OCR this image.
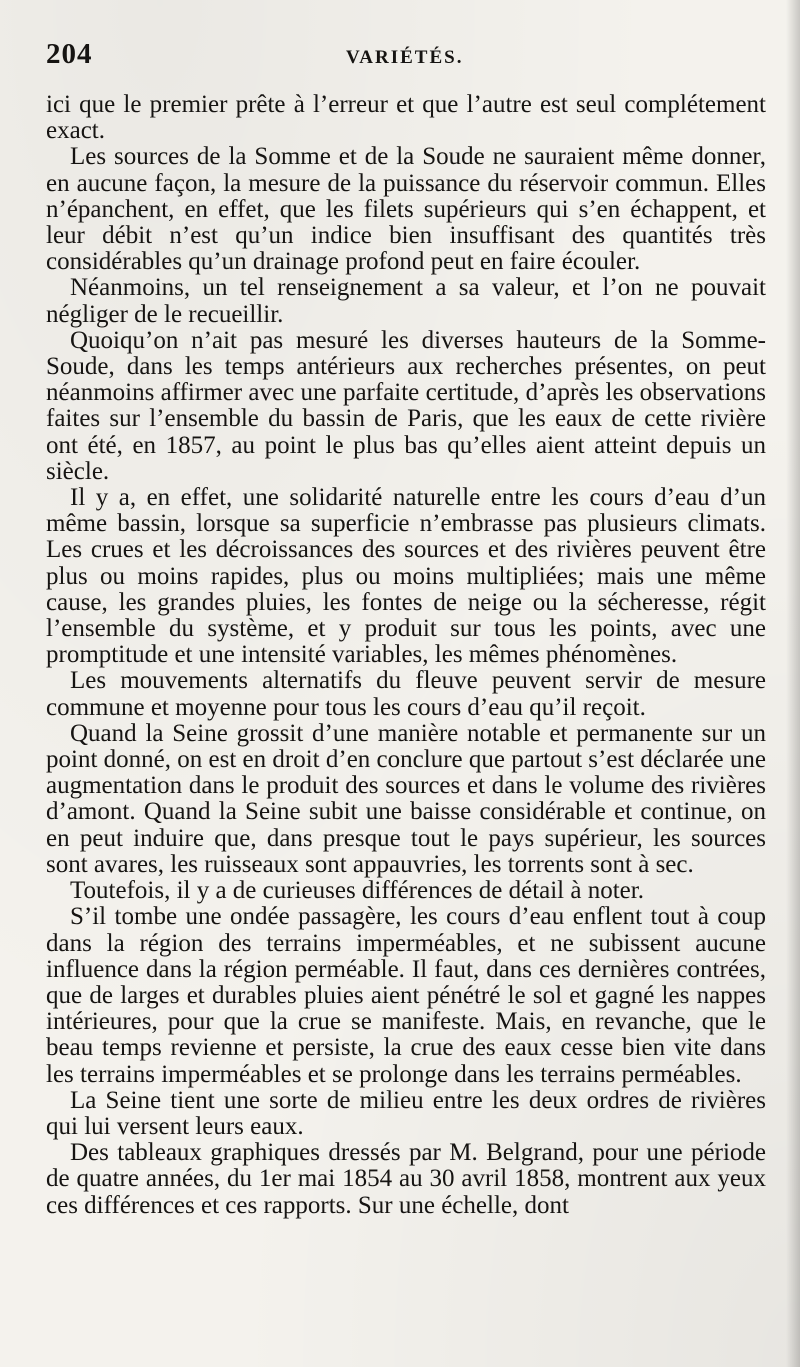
204	VARIÉTÉS.

ici que le premier prête à l’erreur et que l’autre est seul complétement exact.

Les sources de la Somme et de la Soude ne sauraient même donner, en aucune façon, la mesure de la puissance du réservoir commun. Elles n’épanchent, en effet, que les filets supérieurs qui s’en échappent, et leur débit n’est qu’un indice bien insuffisant des quantités très considérables qu’un drainage profond peut en faire écouler.

Néanmoins, un tel renseignement a sa valeur, et l’on ne pouvait négliger de le recueillir.

Quoiqu’on n’ait pas mesuré les diverses hauteurs de la Somme-Soude, dans les temps antérieurs aux recherches présentes, on peut néanmoins affirmer avec une parfaite certitude, d’après les observations faites sur l’ensemble du bassin de Paris, que les eaux de cette rivière ont été, en 1857, au point le plus bas qu’elles aient atteint depuis un siècle.

Il y a, en effet, une solidarité naturelle entre les cours d’eau d’un même bassin, lorsque sa superficie n’embrasse pas plusieurs climats. Les crues et les décroissances des sources et des rivières peuvent être plus ou moins rapides, plus ou moins multipliées; mais une même cause, les grandes pluies, les fontes de neige ou la sécheresse, régit l’ensemble du système, et y produit sur tous les points, avec une promptitude et une intensité variables, les mêmes phénomènes.

Les mouvements alternatifs du fleuve peuvent servir de mesure commune et moyenne pour tous les cours d’eau qu’il reçoit.

Quand la Seine grossit d’une manière notable et permanente sur un point donné, on est en droit d’en conclure que partout s’est déclarée une augmentation dans le produit des sources et dans le volume des rivières d’amont. Quand la Seine subit une baisse considérable et continue, on en peut induire que, dans presque tout le pays supérieur, les sources sont avares, les ruisseaux sont appauvries, les torrents sont à sec.

Toutefois, il y a de curieuses différences de détail à noter.

S’il tombe une ondée passagère, les cours d’eau enflent tout à coup dans la région des terrains imperméables, et ne subissent aucune influence dans la région perméable. Il faut, dans ces dernières contrées, que de larges et durables pluies aient pénétré le sol et gagné les nappes intérieures, pour que la crue se manifeste. Mais, en revanche, que le beau temps revienne et persiste, la crue des eaux cesse bien vite dans les terrains imperméables et se prolonge dans les terrains perméables.

La Seine tient une sorte de milieu entre les deux ordres de rivières qui lui versent leurs eaux.

Des tableaux graphiques dressés par M. Belgrand, pour une période de quatre années, du 1er mai 1854 au 30 avril 1858, montrent aux yeux ces différences et ces rapports. Sur une échelle, dont
